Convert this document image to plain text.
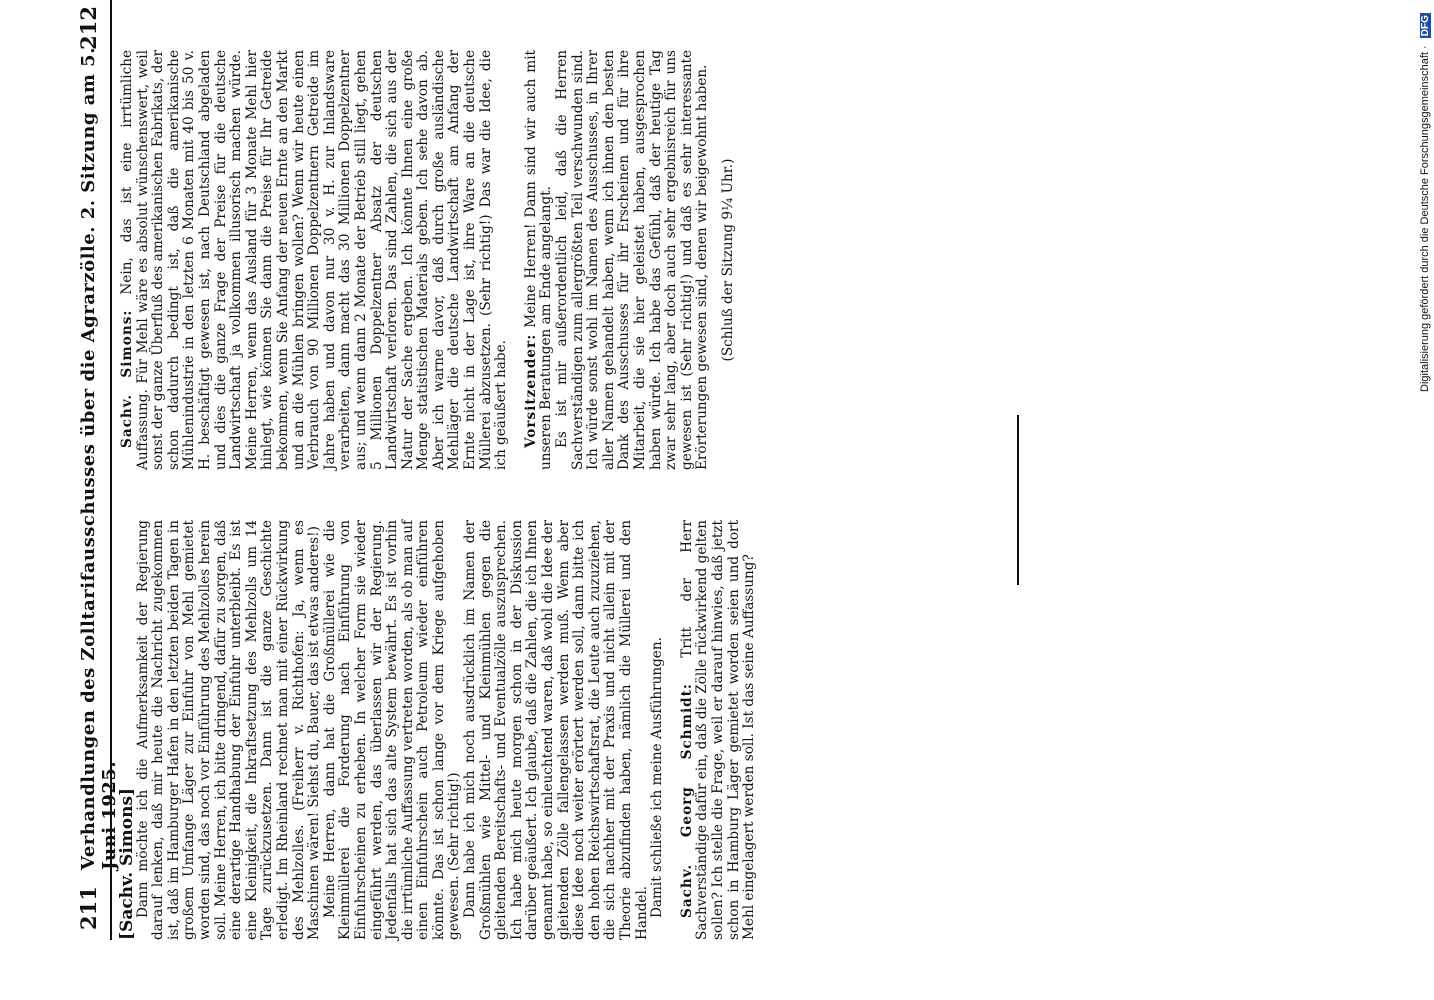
211
Verhandlungen des Zolltarifausschusses über die Agrarzölle. 2. Sitzung am 5. Juni 1925.
212

[Sachv. Simons]

Dann möchte ich die Aufmerksamkeit der Regierung darauf lenken, daß mir heute die Nachricht zugekommen ist, daß im Hamburger Hafen in den letzten beiden Tagen in großem Umfange Läger zur Einfuhr von Mehl gemietet worden sind, das noch vor Einführung des Mehlzolles herein soll. Meine Herren, ich bitte dringend, dafür zu sorgen, daß eine derartige Handhabung der Einfuhr unterbleibt. Es ist eine Kleinigkeit, die Inkraftsetzung des Mehlzolls um 14 Tage zurückzusetzen. Dann ist die ganze Geschichte erledigt. Im Rheinland rechnet man mit einer Rückwirkung des Mehlzolles. (Freiherr v. Richthofen: Ja, wenn es Maschinen wären! Siehst du, Bauer, das ist etwas anderes!) Meine Herren, dann hat die Großmüllerei wie die Kleinmüllerei die Forderung nach Einführung von Einfuhrscheinen zu erheben. In welcher Form sie wieder eingeführt werden, das überlassen wir der Regierung. Jedenfalls hat sich das alte System bewährt. Es ist vorhin die irrtümliche Auffassung vertreten worden, als ob man auf einen Einfuhrschein auch Petroleum wieder einführen könnte. Das ist schon lange vor dem Kriege aufgehoben gewesen. (Sehr richtig!) Dann habe ich mich noch ausdrücklich im Namen der Großmühlen wie Mittel- und Kleinmühlen gegen die gleitenden Bereitschafts- und Eventualzölle auszusprechen. Ich habe mich heute morgen schon in der Diskussion darüber geäußert. Ich glaube, daß die Zahlen, die ich Ihnen genannt habe, so einleuchtend waren, daß wohl die Idee der gleitenden Zölle fallengelassen werden muß. Wenn aber diese Idee noch weiter erörtert werden soll, dann bitte ich den hohen Reichswirtschaftsrat, die Leute auch zuzuziehen, die sich nachher mit der Praxis und nicht allein mit der Theorie abzufinden haben, nämlich die Müllerei und den Handel. Damit schließe ich meine Ausführungen. Sachv. Georg Schmidt: Tritt der Herr Sachverständige dafür ein, daß die Zölle rückwirkend gelten sollen? Ich stelle die Frage, weil er darauf hinwies, daß jetzt schon in Hamburg Läger gemietet worden seien und dort Mehl eingelagert werden soll. Ist das seine Auffassung?

Sachv. Simons: Nein, das ist eine irrtümliche Auffassung. Für Mehl wäre es absolut wünschenswert, weil sonst der ganze Überfluß des amerikanischen Fabrikats, der schon dadurch bedingt ist, daß die amerikanische Mühlenindustrie in den letzten 6 Monaten mit 40 bis 50 v. H. beschäftigt gewesen ist, nach Deutschland abgeladen und dies die ganze Frage der Preise für die deutsche Landwirtschaft ja vollkommen illusorisch machen würde. Meine Herren, wenn das Ausland für 3 Monate Mehl hier hinlegt, wie können Sie dann die Preise für Ihr Getreide bekommen, wenn Sie Anfang der neuen Ernte an den Markt und an die Mühlen bringen wollen? Wenn wir heute einen Verbrauch von 90 Millionen Doppelzentnern Getreide im Jahre haben und davon nur 30 v. H. zur Inlandsware verarbeiten, dann macht das 30 Millionen Doppelzentner aus; und wenn dann 2 Monate der Betrieb still liegt, gehen 5 Millionen Doppelzentner Absatz der deutschen Landwirtschaft verloren. Das sind Zahlen, die sich aus der Natur der Sache ergeben. Ich könnte Ihnen eine große Menge statistischen Materials geben. Ich sehe davon ab. Aber ich warne davor, daß durch große ausländische Mehlläger die deutsche Landwirtschaft am Anfang der Ernte nicht in der Lage ist, ihre Ware an die deutsche Müllerei abzusetzen. (Sehr richtig!) Das war die Idee, die ich geäußert habe. Vorsitzender: Meine Herren! Dann sind wir auch mit unseren Beratungen am Ende angelangt. Es ist mir außerordentlich leid, daß die Herren Sachverständigen zum allergrößten Teil verschwunden sind. Ich würde sonst wohl im Namen des Ausschusses, in Ihrer aller Namen gehandelt haben, wenn ich ihnen den besten Dank des Ausschusses für ihr Erscheinen und für ihre Mitarbeit, die sie hier geleistet haben, ausgesprochen haben würde. Ich habe das Gefühl, daß der heutige Tag zwar sehr lang, aber doch auch sehr ergebnisreich für uns gewesen ist (Sehr richtig!) und daß es sehr interessante Erörterungen gewesen sind, denen wir beigewohnt haben. (Schluß der Sitzung 9¼ Uhr.)	Digitalisierung gefördert durch die Deutsche Forschungsgemeinschaft · DFG
